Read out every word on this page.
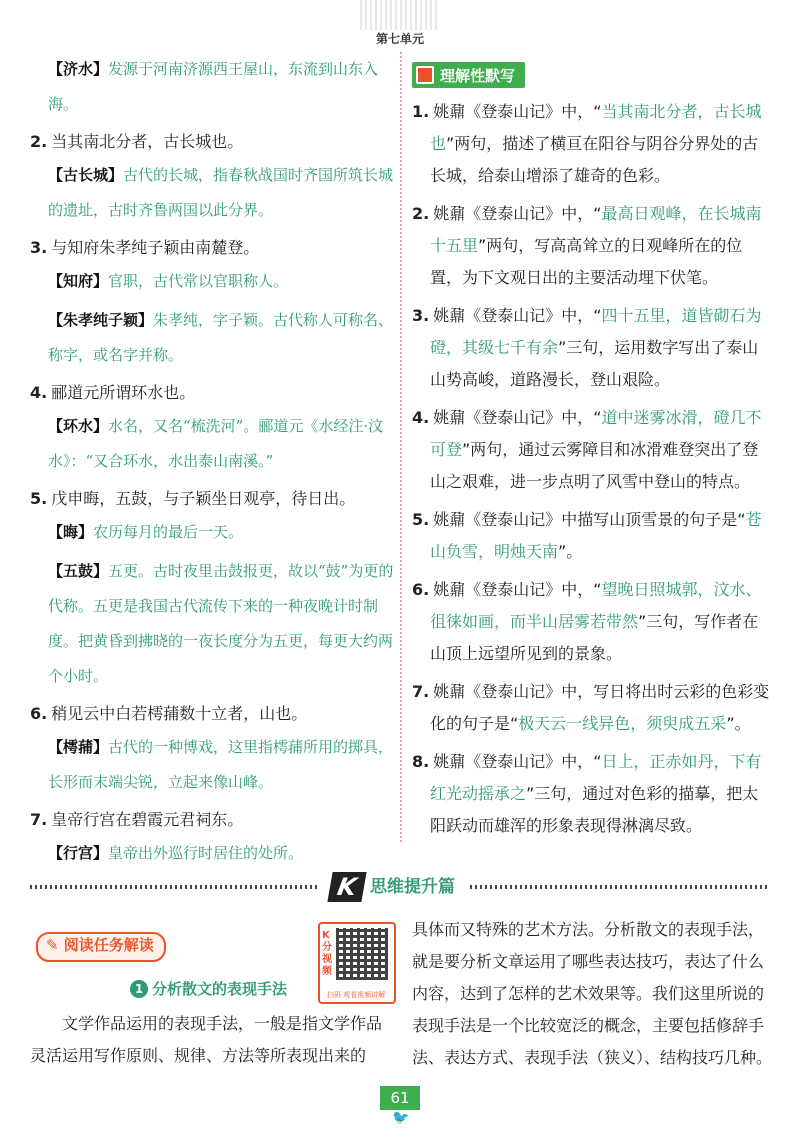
第七单元

【济水】发源于河南济源西王屋山，东流到山东入海。

2. 当其南北分者，古长城也。

【古长城】古代的长城，指春秋战国时齐国所筑长城的遗址，古时齐鲁两国以此分界。

3. 与知府朱孝纯子颖由南麓登。

【知府】官职，古代常以官职称人。

【朱孝纯子颖】朱孝纯，字子颖。古代称人可称名、称字，或名字并称。

4. 郦道元所谓环水也。

【环水】水名，又名“梳洗河”。郦道元《水经注·汶水》：“又合环水，水出泰山南溪。”

5. 戊申晦，五鼓，与子颖坐日观亭，待日出。

【晦】农历每月的最后一天。

【五鼓】五更。古时夜里击鼓报更，故以“鼓”为更的代称。五更是我国古代流传下来的一种夜晚计时制度。把黄昏到拂晓的一夜长度分为五更，每更大约两个小时。

6. 稍见云中白若樗蒱数十立者，山也。

【樗蒱】古代的一种博戏，这里指樗蒱所用的掷具，长形而末端尖锐，立起来像山峰。

7. 皇帝行宫在碧霞元君祠东。

【行宫】皇帝出外巡行时居住的处所。

理解性默写

1. 姚鼐《登泰山记》中，“当其南北分者，古长城也”两句，描述了横亘在阳谷与阴谷分界处的古长城，给泰山增添了雄奇的色彩。

2. 姚鼐《登泰山记》中，“最高日观峰，在长城南十五里”两句，写高高耸立的日观峰所在的位置，为下文观日出的主要活动埋下伏笔。

3. 姚鼐《登泰山记》中，“四十五里，道皆砌石为磴，其级七千有余”三句，运用数字写出了泰山山势高峻，道路漫长，登山艰险。

4. 姚鼐《登泰山记》中，“道中迷雾冰滑，磴几不可登”两句，通过云雾障目和冰滑难登突出了登山之艰难，进一步点明了风雪中登山的特点。

5. 姚鼐《登泰山记》中描写山顶雪景的句子是“苍山负雪，明烛天南”。

6. 姚鼐《登泰山记》中，“望晚日照城郭，汶水、徂徕如画，而半山居雾若带然”三句，写作者在山顶上远望所见到的景象。

7. 姚鼐《登泰山记》中，写日将出时云彩的色彩变化的句子是“极天云一线异色，须臾成五采”。

8. 姚鼐《登泰山记》中，“日上，正赤如丹，下有红光动摇承之”三句，通过对色彩的描摹，把太阳跃动而雄浑的形象表现得淋漓尽致。

K 思维提升篇
✎ 阅读任务解读
K分视频
扫码 观看视频讲解
1 分析散文的表现手法

文学作品运用的表现手法，一般是指文学作品灵活运用写作原则、规律、方法等所表现出来的

具体而又特殊的艺术方法。分析散文的表现手法，就是要分析文章运用了哪些表达技巧，表达了什么内容，达到了怎样的艺术效果等。我们这里所说的表现手法是一个比较宽泛的概念，主要包括修辞手法、表达方式、表现手法（狭义）、结构技巧几种。

61
🐦
